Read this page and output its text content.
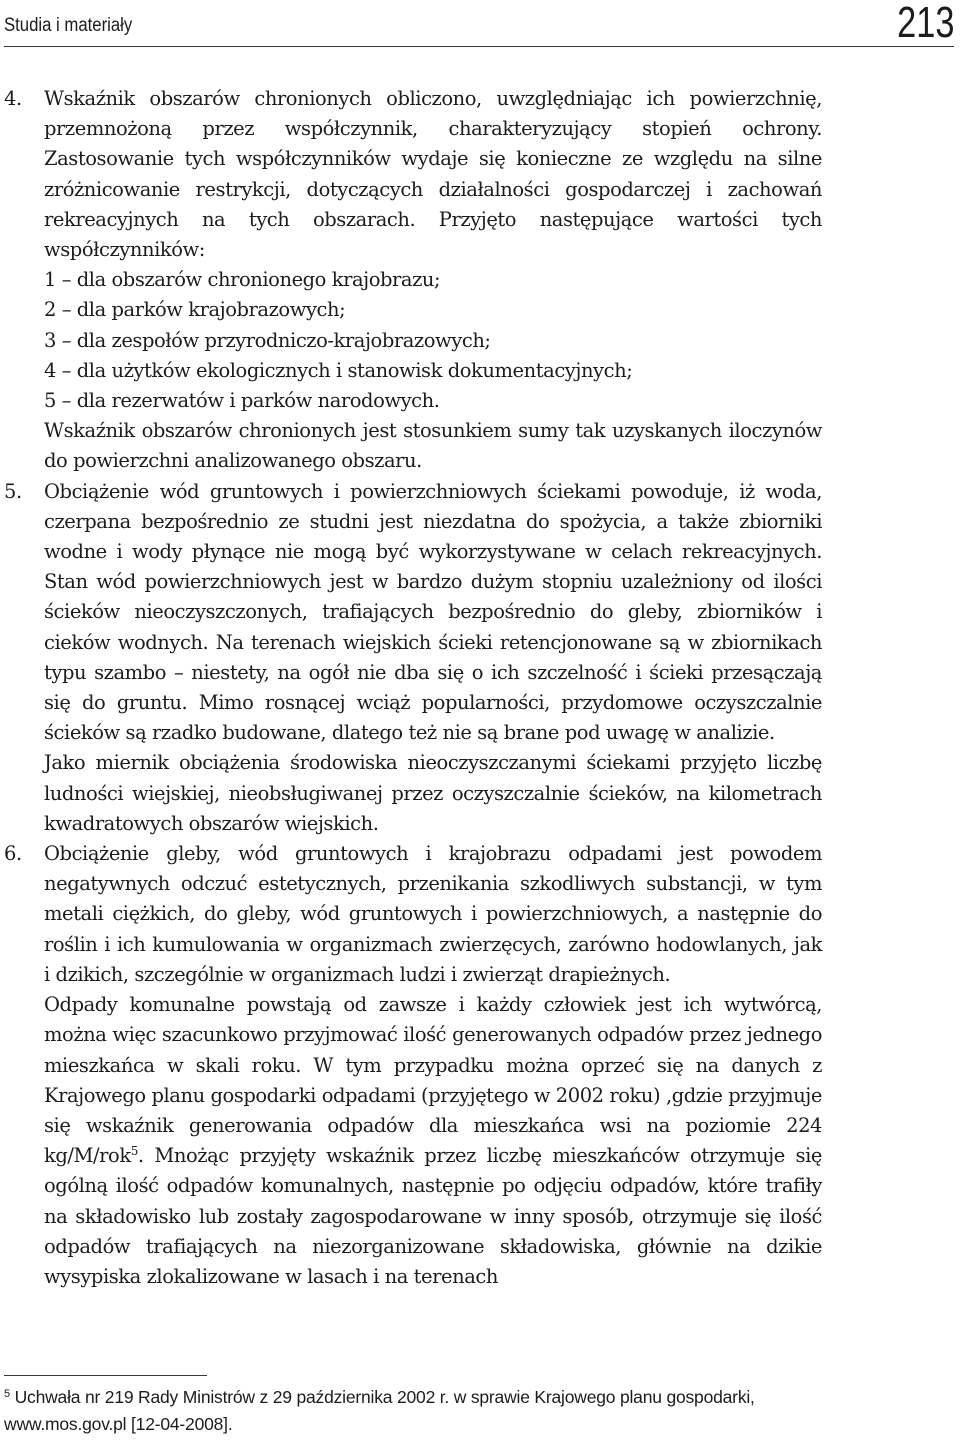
Studia i materiały	213
4. Wskaźnik obszarów chronionych obliczono, uwzględniając ich powierzchnię, przemnożoną przez współczynnik, charakteryzujący stopień ochrony. Zastosowanie tych współczynników wydaje się konieczne ze względu na silne zróżnicowanie restrykcji, dotyczących działalności gospodarczej i zachowań rekreacyjnych na tych obszarach. Przyjęto następujące wartości tych współczynników:

1 – dla obszarów chronionego krajobrazu;
2 – dla parków krajobrazowych;
3 – dla zespołów przyrodniczo-krajobrazowych;
4 – dla użytków ekologicznych i stanowisk dokumentacyjnych;
5 – dla rezerwatów i parków narodowych.

Wskaźnik obszarów chronionych jest stosunkiem sumy tak uzyskanych iloczynów do powierzchni analizowanego obszaru.

5. Obciążenie wód gruntowych i powierzchniowych ściekami powoduje, iż woda, czerpana bezpośrednio ze studni jest niezdatna do spożycia, a także zbiorniki wodne i wody płynące nie mogą być wykorzystywane w celach rekreacyjnych. Stan wód powierzchniowych jest w bardzo dużym stopniu uzależniony od ilości ścieków nieoczyszczonych, trafiających bezpośrednio do gleby, zbiorników i cieków wodnych. Na terenach wiejskich ścieki retencjonowane są w zbiornikach typu szambo – niestety, na ogół nie dba się o ich szczelność i ścieki przesączają się do gruntu. Mimo rosnącej wciąż popularności, przydomowe oczyszczalnie ścieków są rzadko budowane, dlatego też nie są brane pod uwagę w analizie.

Jako miernik obciążenia środowiska nieoczyszczanymi ściekami przyjęto liczbę ludności wiejskiej, nieobsługiwanej przez oczyszczalnie ścieków, na kilometrach kwadratowych obszarów wiejskich.

6. Obciążenie gleby, wód gruntowych i krajobrazu odpadami jest powodem negatywnych odczuć estetycznych, przenikania szkodliwych substancji, w tym metali ciężkich, do gleby, wód gruntowych i powierzchniowych, a następnie do roślin i ich kumulowania w organizmach zwierzęcych, zarówno hodowlanych, jak i dzikich, szczególnie w organizmach ludzi i zwierząt drapieżnych.

Odpady komunalne powstają od zawsze i każdy człowiek jest ich wytwórcą, można więc szacunkowo przyjmować ilość generowanych odpadów przez jednego mieszkańca w skali roku. W tym przypadku można oprzeć się na danych z Krajowego planu gospodarki odpadami (przyjętego w 2002 roku) ,gdzie przyjmuje się wskaźnik generowania odpadów dla mieszkańca wsi na poziomie 224 kg/M/rok$^5$. Mnożąc przyjęty wskaźnik przez liczbę mieszkańców otrzymuje się ogólną ilość odpadów komunalnych, następnie po odjęciu odpadów, które trafiły na składowisko lub zostały zagospodarowane w inny sposób, otrzymuje się ilość odpadów trafiających na niezorganizowane składowiska, głównie na dzikie wysypiska zlokalizowane w lasach i na terenach

$^5$ Uchwała nr 219 Rady Ministrów z 29 października 2002 r. w sprawie Krajowego planu gospodarki, www.mos.gov.pl [12-04-2008].
